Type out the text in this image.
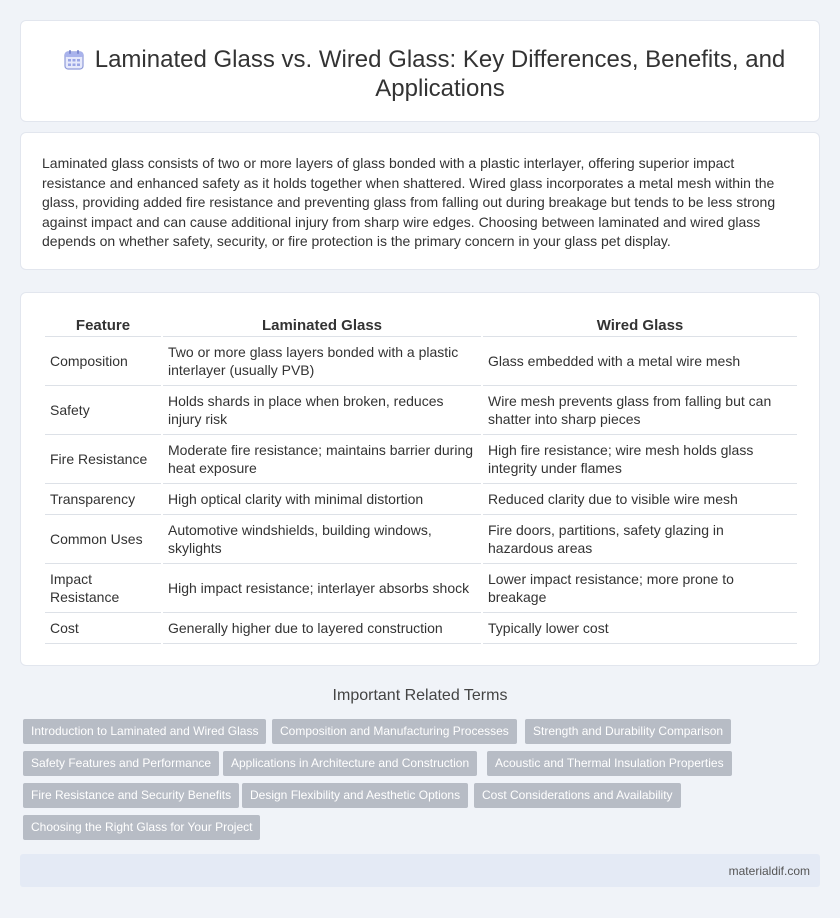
Laminated Glass vs. Wired Glass: Key Differences, Benefits, and Applications

Laminated glass consists of two or more layers of glass bonded with a plastic interlayer, offering superior impact resistance and enhanced safety as it holds together when shattered. Wired glass incorporates a metal mesh within the glass, providing added fire resistance and preventing glass from falling out during breakage but tends to be less strong against impact and can cause additional injury from sharp wire edges. Choosing between laminated and wired glass depends on whether safety, security, or fire protection is the primary concern in your glass pet display.

Feature	Laminated Glass	Wired Glass
Composition	Two or more glass layers bonded with a plastic interlayer (usually PVB)	Glass embedded with a metal wire mesh
Safety	Holds shards in place when broken, reduces injury risk	Wire mesh prevents glass from falling but can shatter into sharp pieces
Fire Resistance	Moderate fire resistance; maintains barrier during heat exposure	High fire resistance; wire mesh holds glass integrity under flames
Transparency	High optical clarity with minimal distortion	Reduced clarity due to visible wire mesh
Common Uses	Automotive windshields, building windows, skylights	Fire doors, partitions, safety glazing in hazardous areas
Impact Resistance	High impact resistance; interlayer absorbs shock	Lower impact resistance; more prone to breakage
Cost	Generally higher due to layered construction	Typically lower cost
Important Related Terms
Introduction to Laminated and Wired Glass	Composition and Manufacturing Processes	Strength and Durability Comparison
Safety Features and Performance	Applications in Architecture and Construction	Acoustic and Thermal Insulation Properties
Fire Resistance and Security Benefits	Design Flexibility and Aesthetic Options	Cost Considerations and Availability
Choosing the Right Glass for Your Project
materialdif.com
